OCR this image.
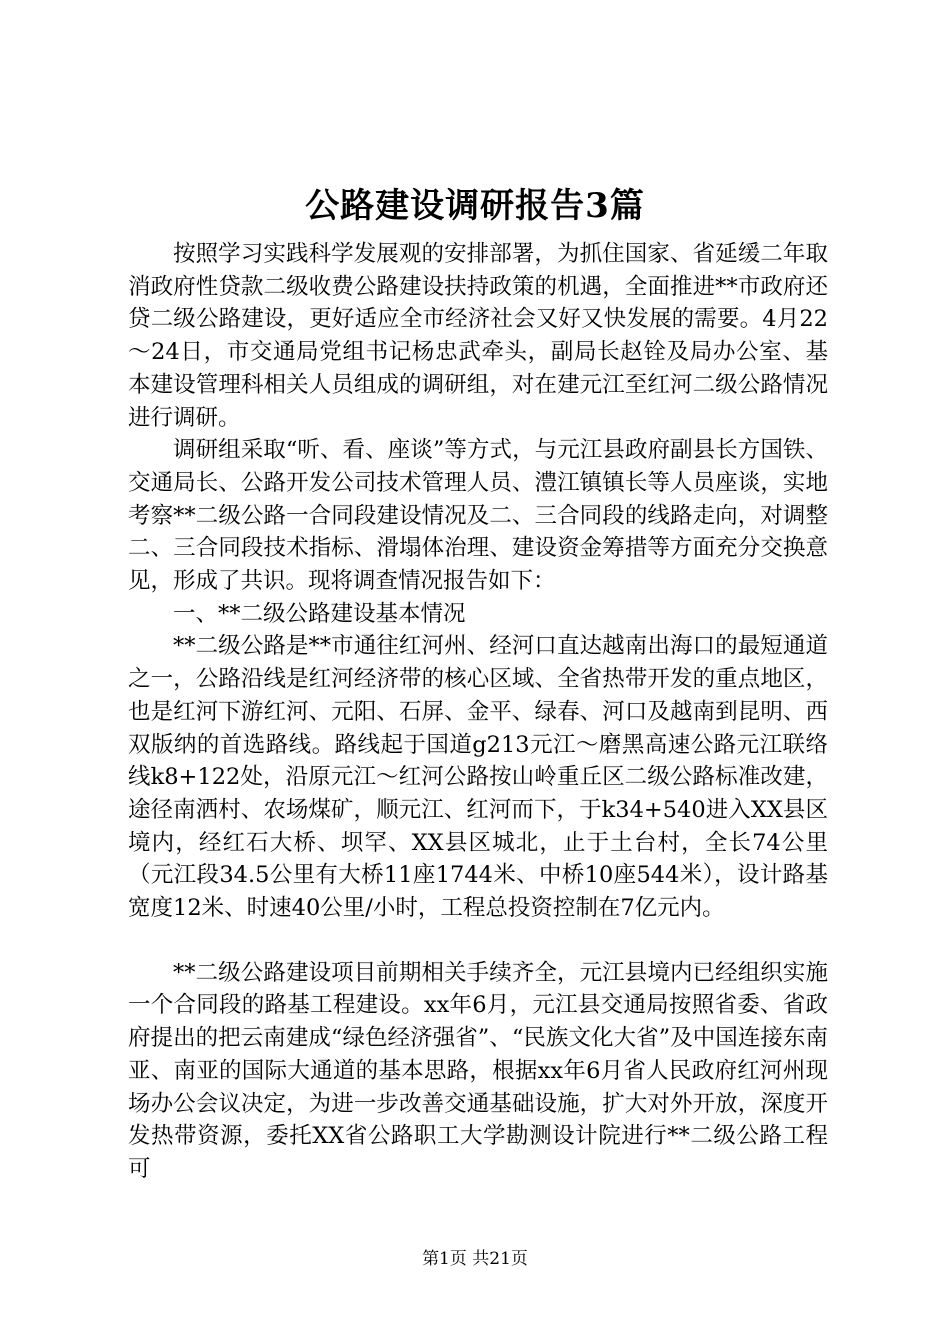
公路建设调研报告3篇

按照学习实践科学发展观的安排部署，为抓住国家、省延缓二年取消政府性贷款二级收费公路建设扶持政策的机遇，全面推进**市政府还贷二级公路建设，更好适应全市经济社会又好又快发展的需要。4月22～24日，市交通局党组书记杨忠武牵头，副局长赵铨及局办公室、基本建设管理科相关人员组成的调研组，对在建元江至红河二级公路情况进行调研。

调研组采取“听、看、座谈”等方式，与元江县政府副县长方国铁、交通局长、公路开发公司技术管理人员、澧江镇镇长等人员座谈，实地考察**二级公路一合同段建设情况及二、三合同段的线路走向，对调整二、三合同段技术指标、滑塌体治理、建设资金筹措等方面充分交换意见，形成了共识。现将调查情况报告如下：

一、**二级公路建设基本情况

**二级公路是**市通往红河州、经河口直达越南出海口的最短通道之一，公路沿线是红河经济带的核心区域、全省热带开发的重点地区，也是红河下游红河、元阳、石屏、金平、绿春、河口及越南到昆明、西双版纳的首选路线。路线起于国道g213元江～磨黑高速公路元江联络线k8+122处，沿原元江～红河公路按山岭重丘区二级公路标准改建，途径南洒村、农场煤矿，顺元江、红河而下，于k34+540进入XX县区境内，经红石大桥、坝罕、XX县区城北，止于土台村，全长74公里（元江段34.5公里有大桥11座1744米、中桥10座544米），设计路基宽度12米、时速40公里/小时，工程总投资控制在7亿元内。

**二级公路建设项目前期相关手续齐全，元江县境内已经组织实施一个合同段的路基工程建设。xx年6月，元江县交通局按照省委、省政府提出的把云南建成“绿色经济强省”、“民族文化大省”及中国连接东南亚、南亚的国际大通道的基本思路，根据xx年6月省人民政府红河州现场办公会议决定，为进一步改善交通基础设施，扩大对外开放，深度开发热带资源，委托XX省公路职工大学勘测设计院进行**二级公路工程可

第1页 共21页
